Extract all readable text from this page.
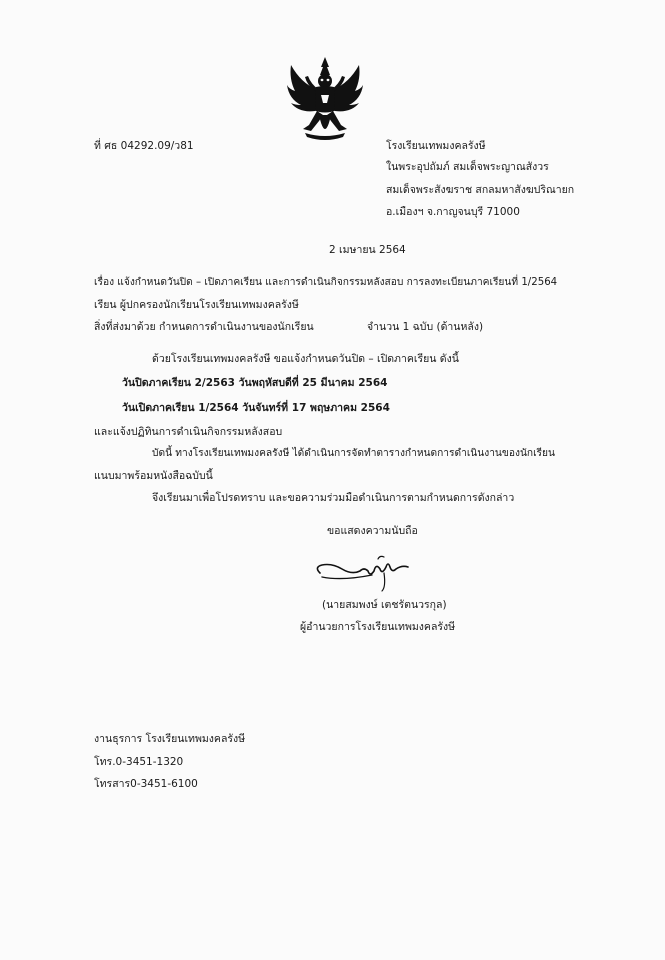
ที่ ศธ 04292.09/ว81	โรงเรียนเทพมงคลรังษี
ในพระอุปถัมภ์ สมเด็จพระญาณสังวร
สมเด็จพระสังฆราช สกลมหาสังฆปริณายก
อ.เมืองฯ จ.กาญจนบุรี 71000
2 เมษายน 2564
เรื่อง แจ้งกำหนดวันปิด – เปิดภาคเรียน และการดำเนินกิจกรรมหลังสอบ การลงทะเบียนภาคเรียนที่ 1/2564
เรียน ผู้ปกครองนักเรียนโรงเรียนเทพมงคลรังษี
สิ่งที่ส่งมาด้วย กำหนดการดำเนินงานของนักเรียน	จำนวน 1 ฉบับ (ด้านหลัง)
ด้วยโรงเรียนเทพมงคลรังษี ขอแจ้งกำหนดวันปิด – เปิดภาคเรียน ดังนี้
วันปิดภาคเรียน 2/2563 วันพฤหัสบดีที่ 25 มีนาคม 2564
วันเปิดภาคเรียน 1/2564 วันจันทร์ที่ 17 พฤษภาคม 2564
และแจ้งปฏิทินการดำเนินกิจกรรมหลังสอบ
บัดนี้ ทางโรงเรียนเทพมงคลรังษี ได้ดำเนินการจัดทำตารางกำหนดการดำเนินงานของนักเรียน
แนบมาพร้อมหนังสือฉบับนี้
จึงเรียนมาเพื่อโปรดทราบ และขอความร่วมมือดำเนินการตามกำหนดการดังกล่าว
ขอแสดงความนับถือ
(นายสมพงษ์ เตชรัตนวรกุล)
ผู้อำนวยการโรงเรียนเทพมงคลรังษี
งานธุรการ โรงเรียนเทพมงคลรังษี
โทร.0-3451-1320
โทรสาร0-3451-6100
